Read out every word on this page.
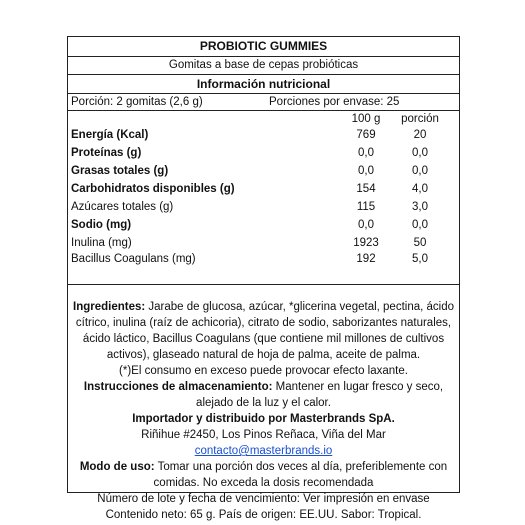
PROBIOTIC GUMMIES
Gomitas a base de cepas probióticas
Información nutricional
Porción: 2 gomitas (2,6 g)	Porciones por envase: 25
100 g	porción
Energía (Kcal)	769	20
Proteínas (g)	0,0	0,0
Grasas totales (g)	0,0	0,0
Carbohidratos disponibles (g)	154	4,0
Azúcares totales (g)	115	3,0
Sodio (mg)	0,0	0,0
Inulina (mg)	1923	50
Bacillus Coagulans (mg)	192	5,0

Ingredientes: Jarabe de glucosa, azúcar, *glicerina vegetal, pectina, ácido cítrico, inulina (raíz de achicoria), citrato de sodio, saborizantes naturales, ácido láctico, Bacillus Coagulans (que contiene mil millones de cultivos activos), glaseado natural de hoja de palma, aceite de palma.

(*)El consumo en exceso puede provocar efecto laxante.

Instrucciones de almacenamiento: Mantener en lugar fresco y seco, alejado de la luz y el calor.

Importador y distribuido por Masterbrands SpA.

Riñihue #2450, Los Pinos Reñaca, Viña del Mar

contacto@masterbrands.io

Modo de uso: Tomar una porción dos veces al día, preferiblemente con comidas. No exceda la dosis recomendada

Número de lote y fecha de vencimiento: Ver impresión en envase

Contenido neto: 65 g. País de origen: EE.UU. Sabor: Tropical.
